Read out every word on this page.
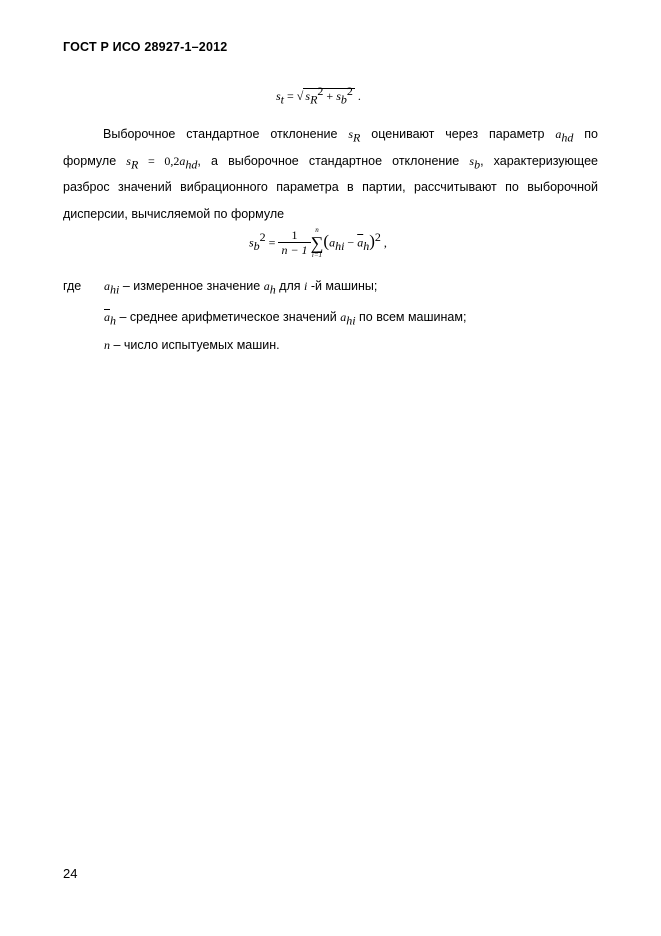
ГОСТ Р ИСО 28927-1–2012
$s_t$ = √ $s_R^2 + s_b^2$ .
Выборочное стандартное отклонение $s_R$ оценивают через параметр $a_{hd}$ по
формуле $s_R = 0,2a_{hd}$, а выборочное стандартное отклонение $s_b$, характеризующее
разброс значений вибрационного параметра в партии, рассчитывают по выборочной
дисперсии, вычисляемой по формуле
$s_b^2 = \frac{1}{n - 1}$ n
∑
i=1
$(a_{hi} - \overline{a}_h)^2$ ,
где $a_{hi}$ – измеренное значение $a_h$ для i -й машины;
$\overline{a}_h$ – среднее арифметическое значений $a_{hi}$ по всем машинам;
n – число испытуемых машин.
24
